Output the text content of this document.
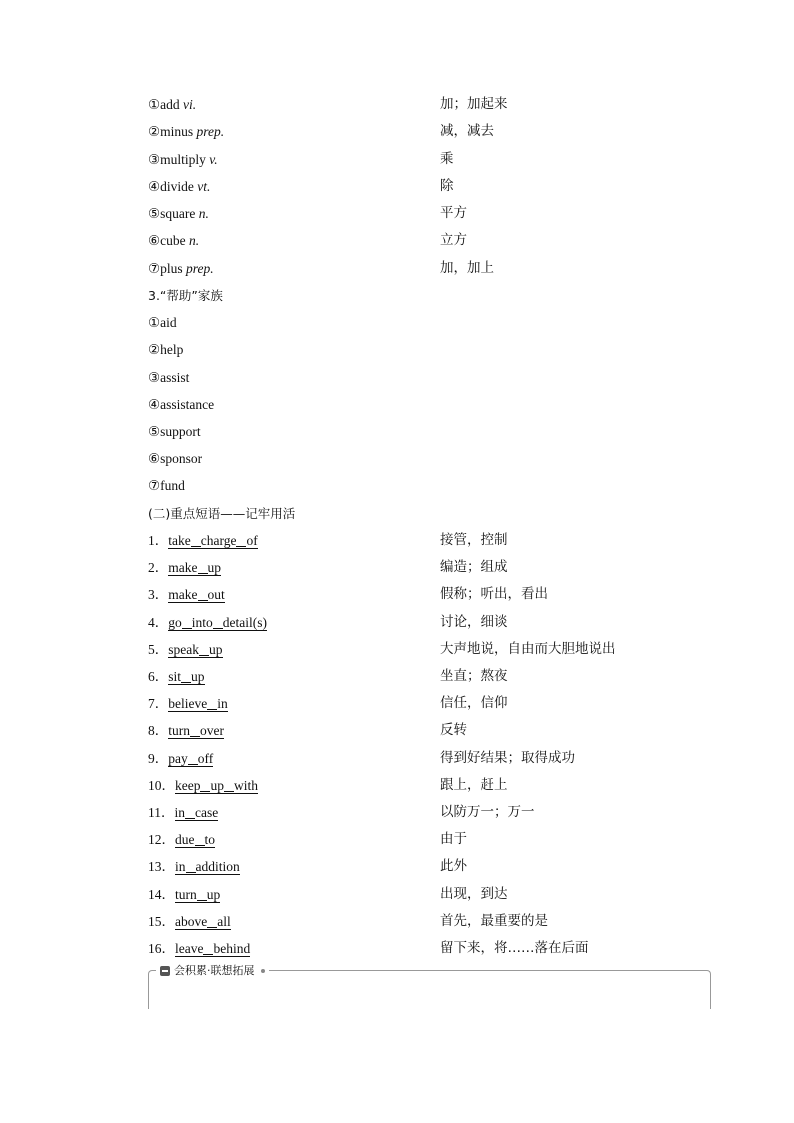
①add vi.	加；加起来
②minus prep.	减，减去
③multiply v.	乘
④divide vt.	除
⑤square n.	平方
⑥cube n.	立方
⑦plus prep.	加，加上
3.“帮助”家族
①aid
②help
③assist
④assistance
⑤support
⑥sponsor
⑦fund
(二)重点短语——记牢用活
1．take charge of	接管，控制
2．make up	编造；组成
3．make out	假称；听出，看出
4．go into detail(s)	讨论，细谈
5．speak up	大声地说，自由而大胆地说出
6．sit up	坐直；熬夜
7．believe in	信任，信仰
8．turn over	反转
9．pay off	得到好结果；取得成功
10．keep up with	跟上，赶上
11．in case	以防万一；万一
12．due to	由于
13．in addition	此外
14．turn up	出现，到达
15．above all	首先，最重要的是
16．leave behind	留下来，将……落在后面
会积累·联想拓展
